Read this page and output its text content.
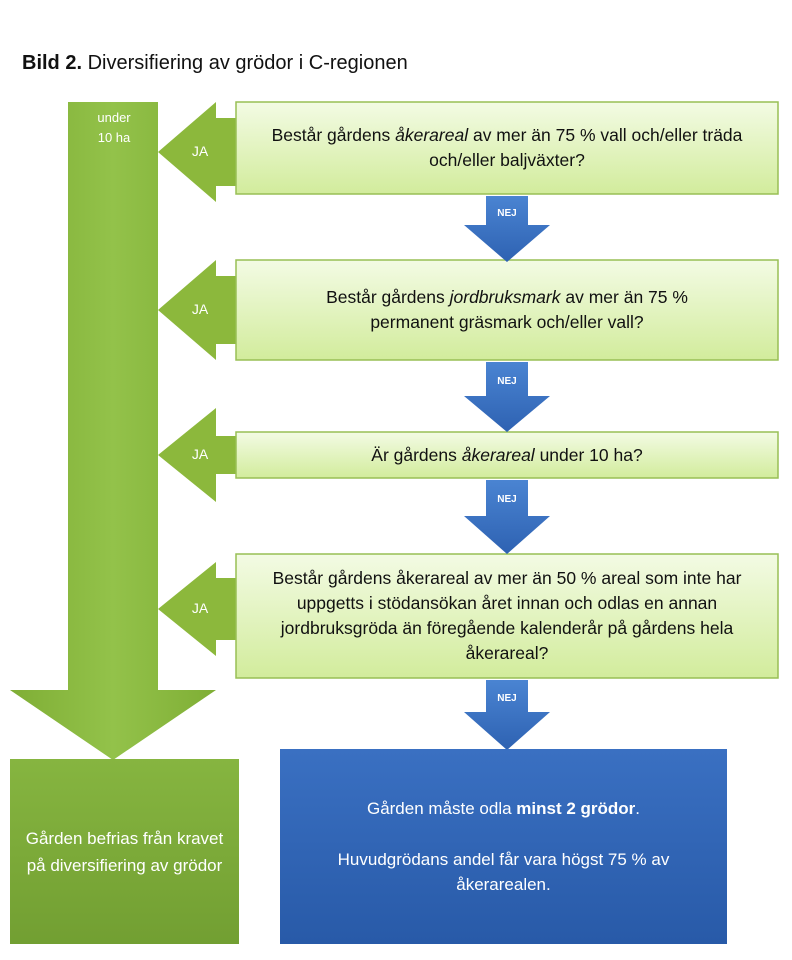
Bild 2. Diversifiering av grödor i C-regionen
under
10 ha	Består gårdens åkerareal av mer än 75 % vall och/eller träda och/eller baljväxter?
Består gårdens jordbruksmark av mer än 75 % permanent gräsmark och/eller vall?
Är gårdens åkerareal under 10 ha?
Består gårdens åkerareal av mer än 50 % areal som inte har uppgetts i stödansökan året innan och odlas en annan jordbruksgröda än föregående kalenderår på gårdens hela åkerareal?
JA
JA
JA
JA
NEJ
NEJ
NEJ
NEJ
Gården befrias från kravet på diversifiering av grödor
Gården måste odla minst 2 grödor.
Huvudgrödans andel får vara högst 75 % av åkerarealen.
